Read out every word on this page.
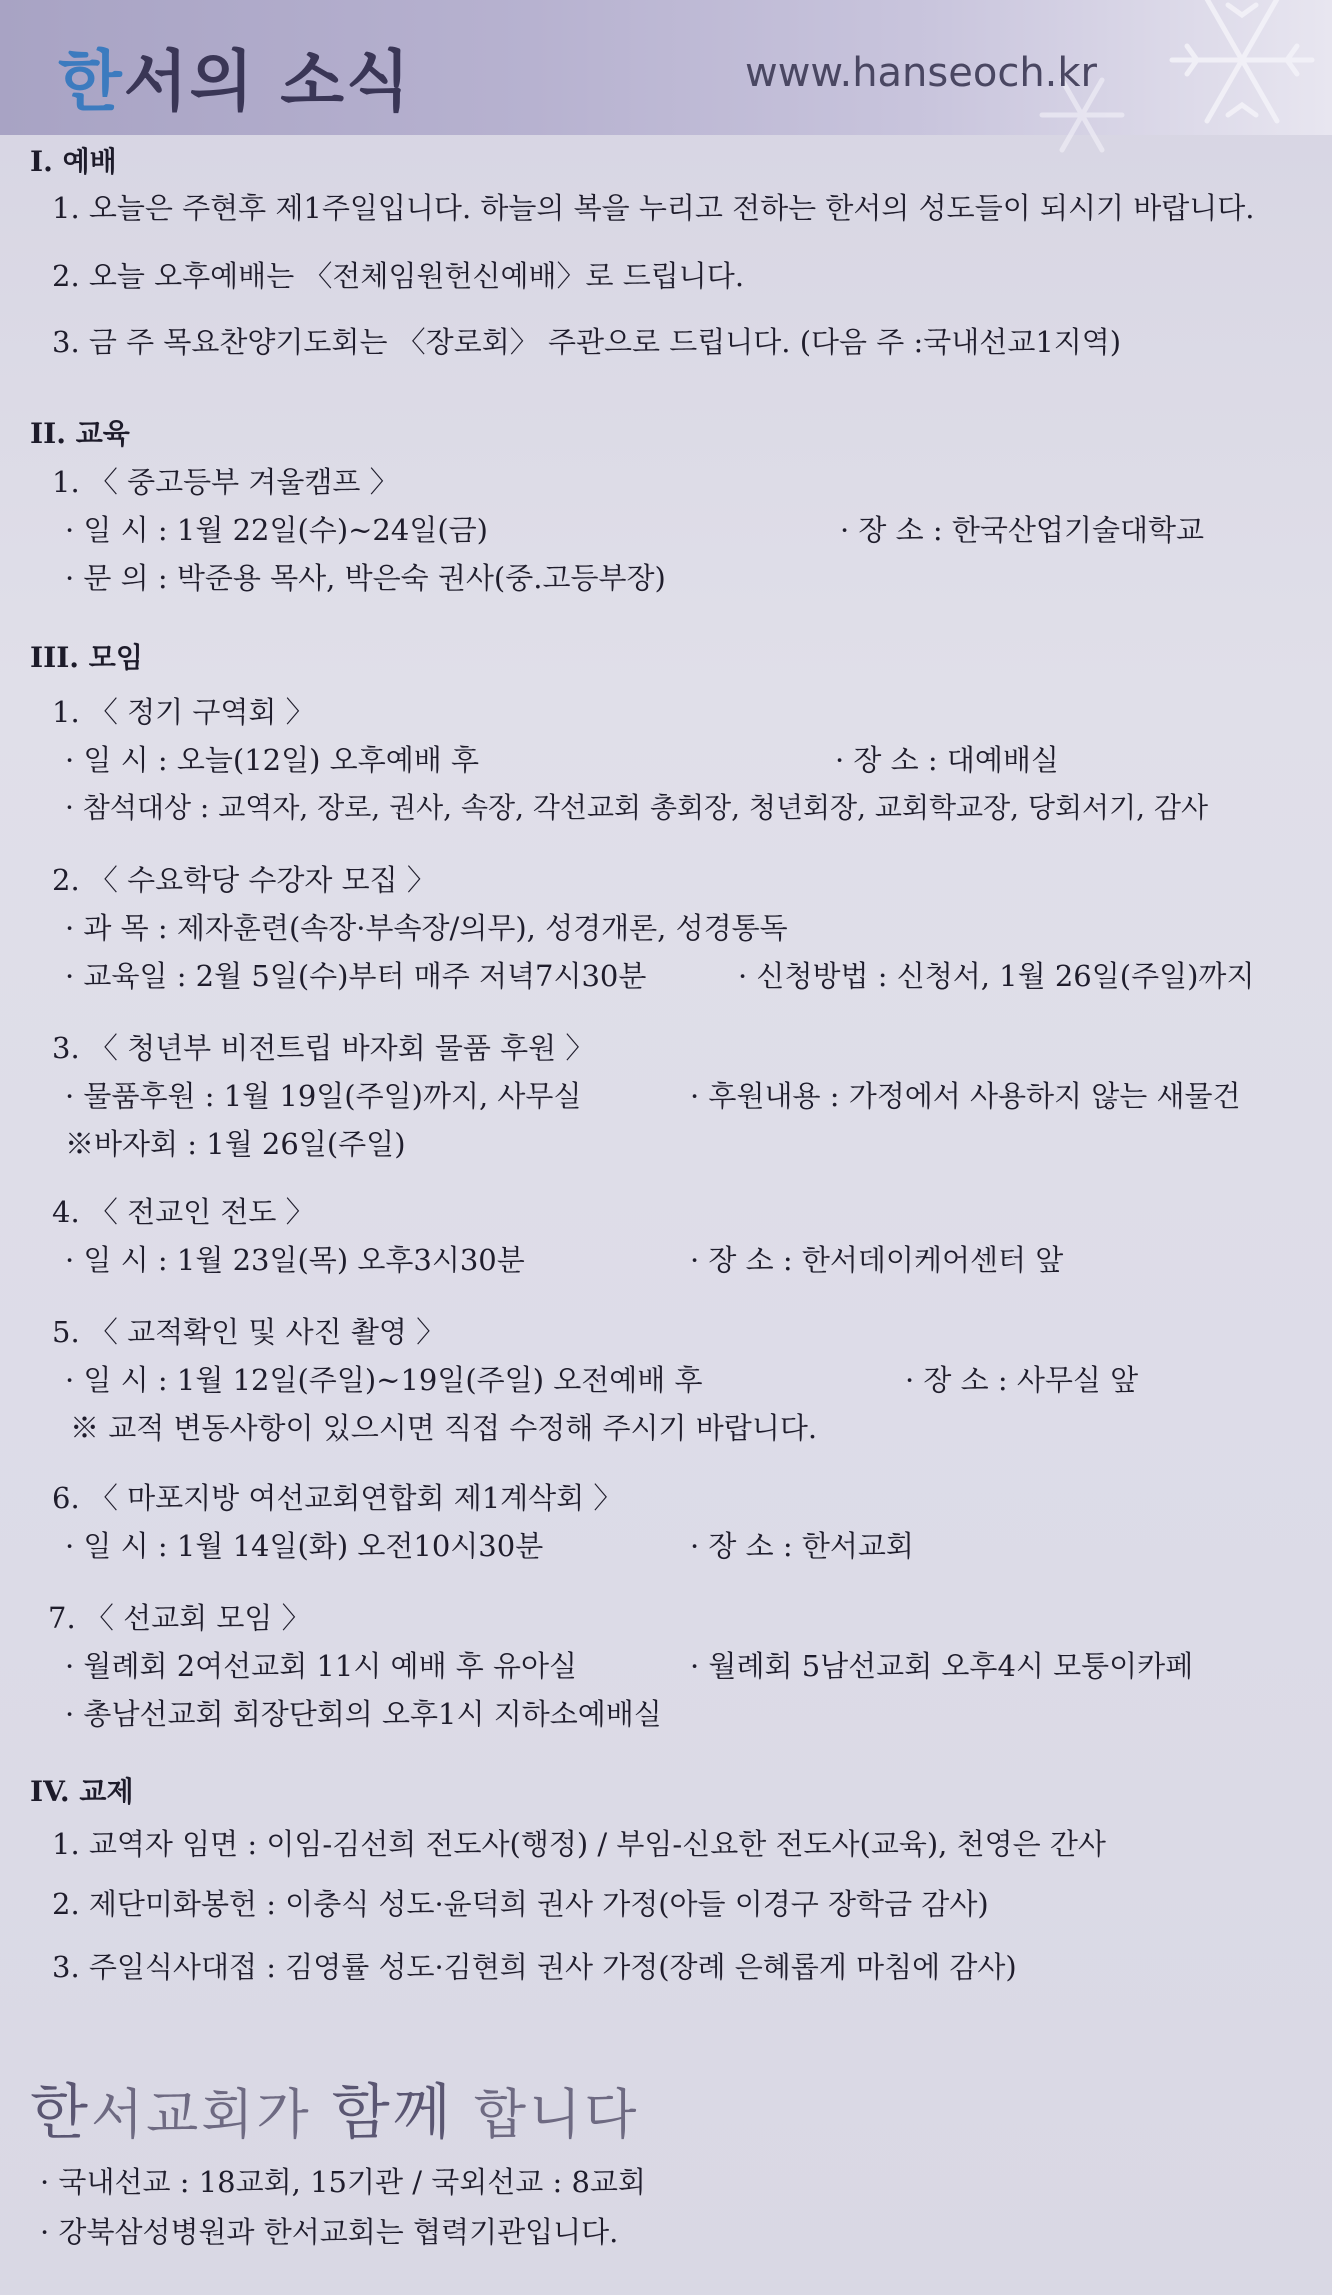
한서의 소식	www.hanseoch.kr
I. 예배
1. 오늘은 주현후 제1주일입니다. 하늘의 복을 누리고 전하는 한서의 성도들이 되시기 바랍니다.
2. 오늘 오후예배는 〈전체임원헌신예배〉로 드립니다.
3. 금 주 목요찬양기도회는 〈장로회〉 주관으로 드립니다. (다음 주 :국내선교1지역)
II. 교육
1. 〈 중고등부 겨울캠프 〉
· 일 시 : 1월 22일(수)~24일(금)	· 장 소 : 한국산업기술대학교
· 문 의 : 박준용 목사, 박은숙 권사(중.고등부장)
III. 모임
1. 〈 정기 구역회 〉
· 일 시 : 오늘(12일) 오후예배 후	· 장 소 : 대예배실
· 참석대상 : 교역자, 장로, 권사, 속장, 각선교회 총회장, 청년회장, 교회학교장, 당회서기, 감사
2. 〈 수요학당 수강자 모집 〉
· 과 목 : 제자훈련(속장·부속장/의무), 성경개론, 성경통독
· 교육일 : 2월 5일(수)부터 매주 저녁7시30분	· 신청방법 : 신청서, 1월 26일(주일)까지
3. 〈 청년부 비전트립 바자회 물품 후원 〉
· 물품후원 : 1월 19일(주일)까지, 사무실	· 후원내용 : 가정에서 사용하지 않는 새물건
※바자회 : 1월 26일(주일)
4. 〈 전교인 전도 〉
· 일 시 : 1월 23일(목) 오후3시30분	· 장 소 : 한서데이케어센터 앞
5. 〈 교적확인 및 사진 촬영 〉
· 일 시 : 1월 12일(주일)~19일(주일) 오전예배 후	· 장 소 : 사무실 앞
※ 교적 변동사항이 있으시면 직접 수정해 주시기 바랍니다.
6. 〈 마포지방 여선교회연합회 제1계삭회 〉
· 일 시 : 1월 14일(화) 오전10시30분	· 장 소 : 한서교회
7. 〈 선교회 모임 〉
· 월례회 2여선교회 11시 예배 후 유아실	· 월례회 5남선교회 오후4시 모퉁이카페
· 총남선교회 회장단회의 오후1시 지하소예배실
IV. 교제
1. 교역자 임면 : 이임-김선희 전도사(행정) / 부임-신요한 전도사(교육), 천영은 간사
2. 제단미화봉헌 : 이충식 성도·윤덕희 권사 가정(아들 이경구 장학금 감사)
3. 주일식사대접 : 김영률 성도·김현희 권사 가정(장례 은혜롭게 마침에 감사)
한서교회가 함께 합니다
· 국내선교 : 18교회, 15기관 / 국외선교 : 8교회
· 강북삼성병원과 한서교회는 협력기관입니다.
